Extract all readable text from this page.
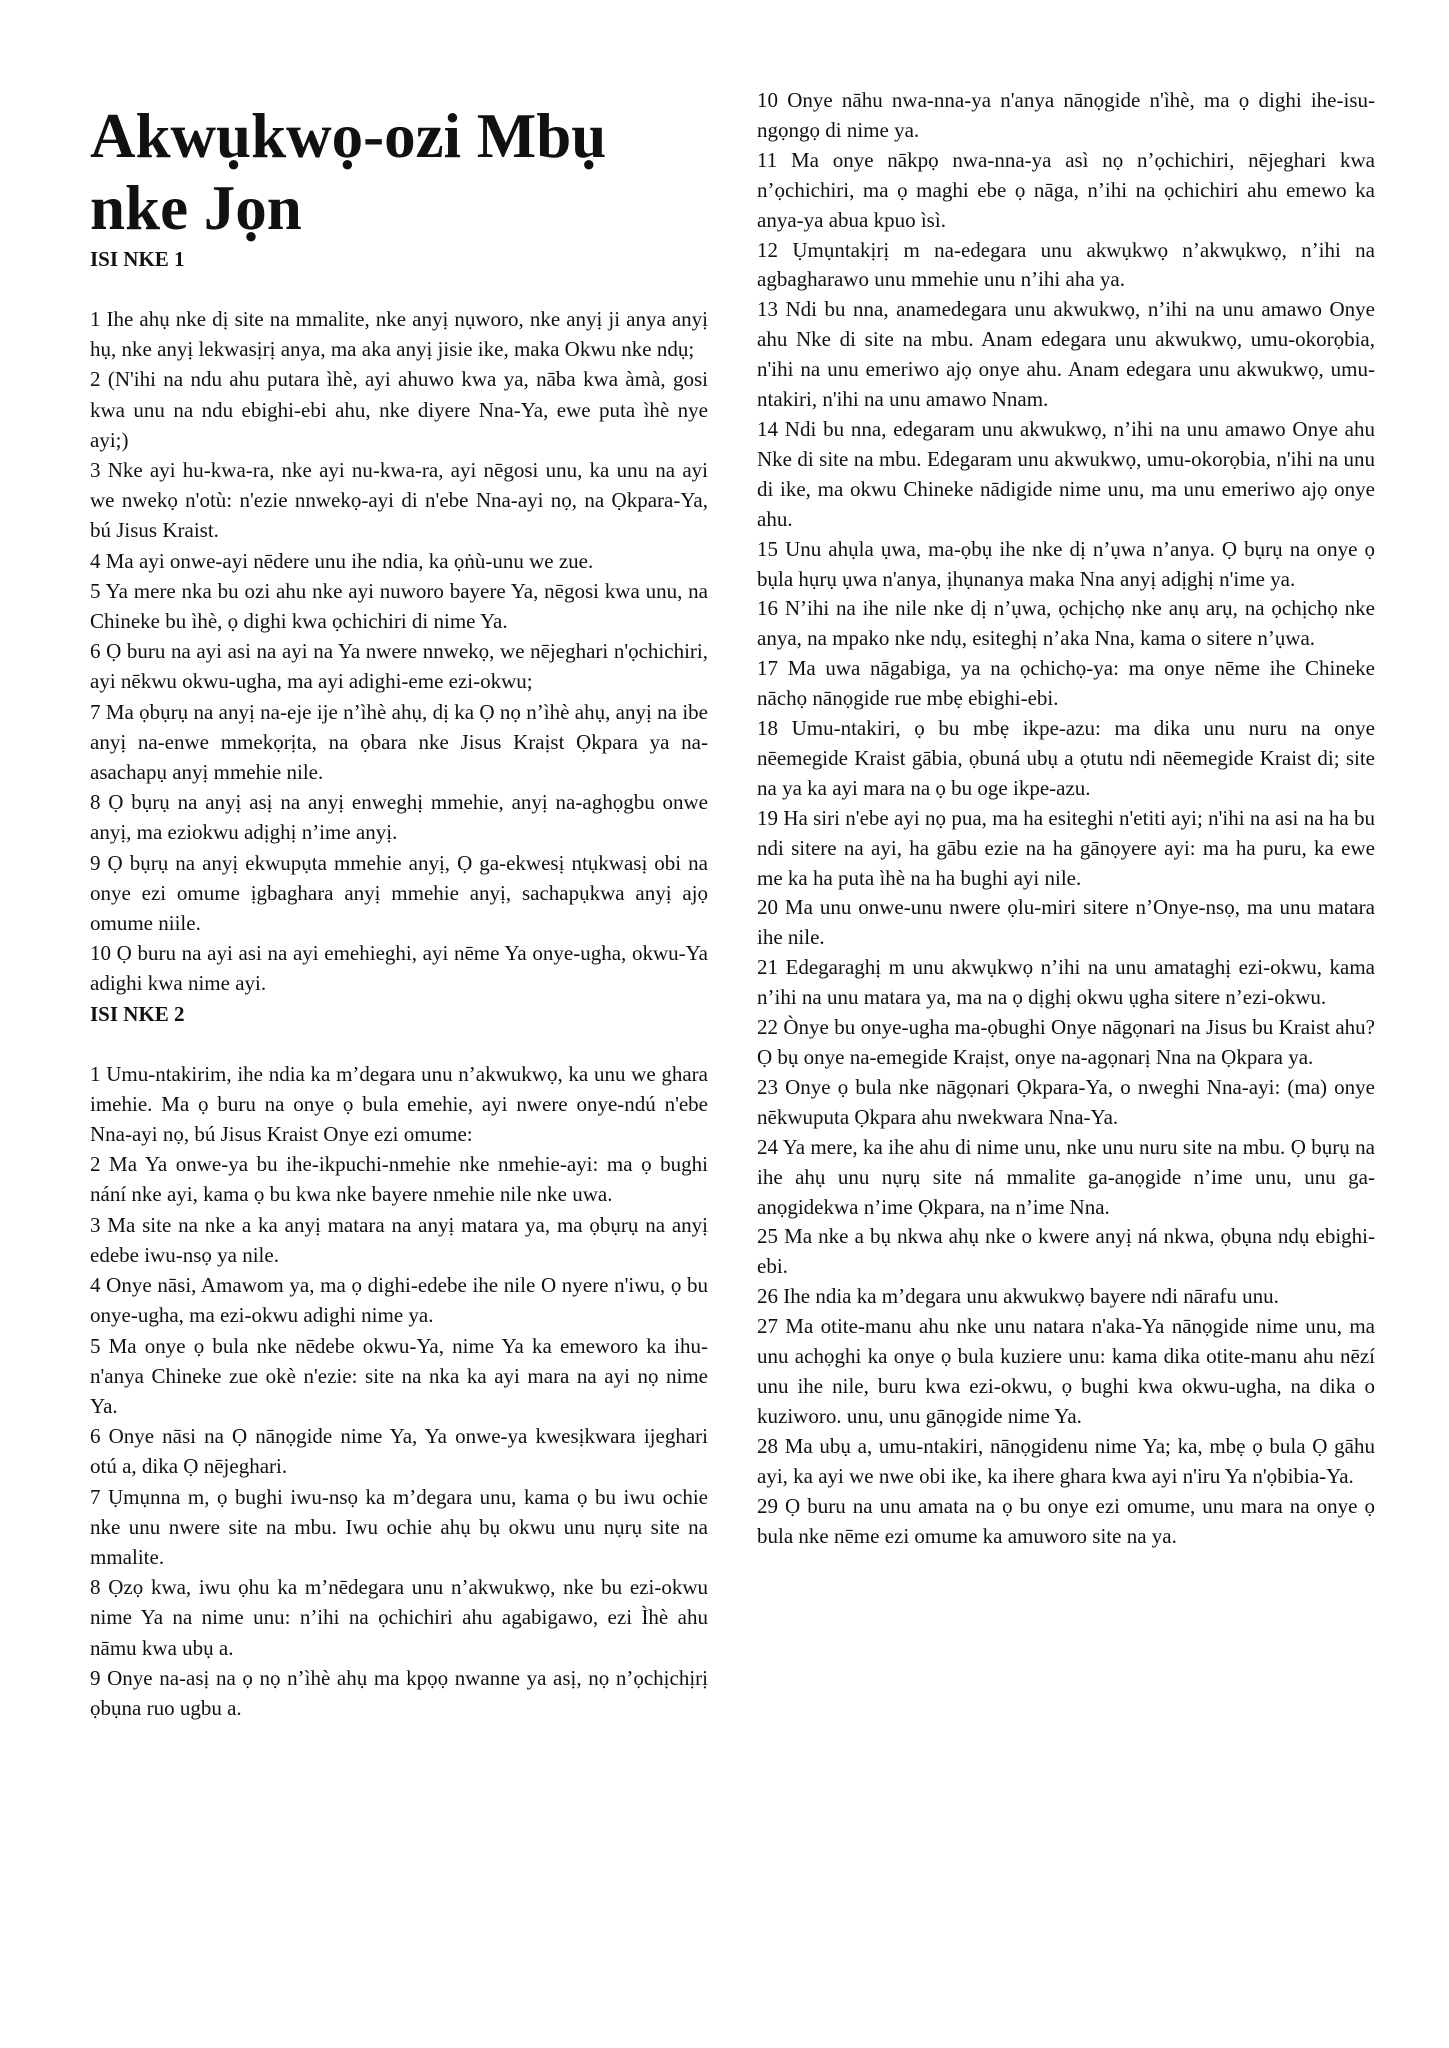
Akwụkwọ-ozi Mbụ nke Jọn
ISI NKE 1

1 Ihe ahụ nke dị site na mmalite, nke anyị nụworo, nke anyị ji anya anyị hụ, nke anyị lekwasịrị anya, ma aka anyị jisie ike, maka Okwu nke ndụ;

2 (N'ihi na ndu ahu putara ìhè, ayi ahuwo kwa ya, nāba kwa àmà, gosi kwa unu na ndu ebighi-ebi ahu, nke diyere Nna-Ya, ewe puta ìhè nye ayi;)

3 Nke ayi hu-kwa-ra, nke ayi nu-kwa-ra, ayi nēgosi unu, ka unu na ayi we nwekọ n'otù: n'ezie nnwekọ-ayi di n'ebe Nna-ayi nọ, na Ọkpara-Ya, bú Jisus Kraist.

4 Ma ayi onwe-ayi nēdere unu ihe ndia, ka ọṅù-unu we zue.

5 Ya mere nka bu ozi ahu nke ayi nuworo bayere Ya, nēgosi kwa unu, na Chineke bu ìhè, ọ dighi kwa ọchichiri di nime Ya.

6 Ọ buru na ayi asi na ayi na Ya nwere nnwekọ, we nējeghari n'ọchichiri, ayi nēkwu okwu-ugha, ma ayi adighi-eme ezi-okwu;

7 Ma ọbụrụ na anyị na-eje ije n’ìhè ahụ, dị ka Ọ nọ n’ìhè ahụ, anyị na ibe anyị na-enwe mmekọrịta, na ọbara nke Jisus Kraịst Ọkpara ya na-asachapụ anyị mmehie nile.

8 Ọ bụrụ na anyị asị na anyị enweghị mmehie, anyị na-aghọgbu onwe anyị, ma eziokwu adịghị n’ime anyị.

9 Ọ bụrụ na anyị ekwupụta mmehie anyị, Ọ ga-ekwesị ntụkwasị obi na onye ezi omume ịgbaghara anyị mmehie anyị, sachapụkwa anyị ajọ omume niile.

10 Ọ buru na ayi asi na ayi emehieghi, ayi nēme Ya onye-ugha, okwu-Ya adighi kwa nime ayi.

ISI NKE 2

1 Umu-ntakirim, ihe ndia ka m’degara unu n’akwukwọ, ka unu we ghara imehie. Ma ọ buru na onye ọ bula emehie, ayi nwere onye-ndú n'ebe Nna-ayi nọ, bú Jisus Kraist Onye ezi omume:

2 Ma Ya onwe-ya bu ihe-ikpuchi-nmehie nke nmehie-ayi: ma ọ bughi nání nke ayi, kama ọ bu kwa nke bayere nmehie nile nke uwa.

3 Ma site na nke a ka anyị matara na anyị matara ya, ma ọbụrụ na anyị edebe iwu-nsọ ya nile.

4 Onye nāsi, Amawom ya, ma ọ dighi-edebe ihe nile O nyere n'iwu, ọ bu onye-ugha, ma ezi-okwu adighi nime ya.

5 Ma onye ọ bula nke nēdebe okwu-Ya, nime Ya ka emeworo ka ihu-n'anya Chineke zue okè n'ezie: site na nka ka ayi mara na ayi nọ nime Ya.

6 Onye nāsi na Ọ nānọgide nime Ya, Ya onwe-ya kwesịkwara ijeghari otú a, dika Ọ nējeghari.

7 Ụmụnna m, ọ bughi iwu-nsọ ka m’degara unu, kama ọ bu iwu ochie nke unu nwere site na mbu. Iwu ochie ahụ bụ okwu unu nụrụ site na mmalite.

8 Ọzọ kwa, iwu ọhu ka m’nēdegara unu n’akwukwọ, nke bu ezi-okwu nime Ya na nime unu: n’ihi na ọchichiri ahu agabigawo, ezi Ìhè ahu nāmu kwa ubụ a.

9 Onye na-asị na ọ nọ n’ìhè ahụ ma kpọọ nwanne ya asị, nọ n’ọchịchịrị ọbụna ruo ugbu a.

10 Onye nāhu nwa-nna-ya n'anya nānọgide n'ìhè, ma ọ dighi ihe-isu-ngọngọ di nime ya.

11 Ma onye nākpọ nwa-nna-ya asì nọ n’ọchichiri, nējeghari kwa n’ọchichiri, ma ọ maghi ebe ọ nāga, n’ihi na ọchichiri ahu emewo ka anya-ya abua kpuo ìsì.

12 Ụmụntakịrị m na-edegara unu akwụkwọ n’akwụkwọ, n’ihi na agbagharawo unu mmehie unu n’ihi aha ya.

13 Ndi bu nna, anamedegara unu akwukwọ, n’ihi na unu amawo Onye ahu Nke di site na mbu. Anam edegara unu akwukwọ, umu-okorọbia, n'ihi na unu emeriwo ajọ onye ahu. Anam edegara unu akwukwọ, umu-ntakiri, n'ihi na unu amawo Nnam.

14 Ndi bu nna, edegaram unu akwukwọ, n’ihi na unu amawo Onye ahu Nke di site na mbu. Edegaram unu akwukwọ, umu-okorọbia, n'ihi na unu di ike, ma okwu Chineke nādigide nime unu, ma unu emeriwo ajọ onye ahu.

15 Unu ahụla ụwa, ma-ọbụ ihe nke dị n’ụwa n’anya. Ọ bụrụ na onye ọ bụla hụrụ ụwa n'anya, ịhụnanya maka Nna anyị adịghị n'ime ya.

16 N’ihi na ihe nile nke dị n’ụwa, ọchịchọ nke anụ arụ, na ọchịchọ nke anya, na mpako nke ndụ, esiteghị n’aka Nna, kama o sitere n’ụwa.

17 Ma uwa nāgabiga, ya na ọchichọ-ya: ma onye nēme ihe Chineke nāchọ nānọgide rue mbẹ ebighi-ebi.

18 Umu-ntakiri, ọ bu mbẹ ikpe-azu: ma dika unu nuru na onye nēemegide Kraist gābia, ọbuná ubụ a ọtutu ndi nēemegide Kraist di; site na ya ka ayi mara na ọ bu oge ikpe-azu.

19 Ha siri n'ebe ayi nọ pua, ma ha esiteghi n'etiti ayi; n'ihi na asi na ha bu ndi sitere na ayi, ha gābu ezie na ha gānọyere ayi: ma ha puru, ka ewe me ka ha puta ìhè na ha bughi ayi nile.

20 Ma unu onwe-unu nwere ọlu-miri sitere n’Onye-nsọ, ma unu matara ihe nile.

21 Edegaraghị m unu akwụkwọ n’ihi na unu amataghị ezi-okwu, kama n’ihi na unu matara ya, ma na ọ dịghị okwu ụgha sitere n’ezi-okwu.

22 Ònye bu onye-ugha ma-ọbughi Onye nāgọnari na Jisus bu Kraist ahu? Ọ bụ onye na-emegide Kraịst, onye na-agọnarị Nna na Ọkpara ya.

23 Onye ọ bula nke nāgọnari Ọkpara-Ya, o nweghi Nna-ayi: (ma) onye nēkwuputa Ọkpara ahu nwekwara Nna-Ya.

24 Ya mere, ka ihe ahu di nime unu, nke unu nuru site na mbu. Ọ bụrụ na ihe ahụ unu nụrụ site ná mmalite ga-anọgide n’ime unu, unu ga-anọgidekwa n’ime Ọkpara, na n’ime Nna.

25 Ma nke a bụ nkwa ahụ nke o kwere anyị ná nkwa, ọbụna ndụ ebighi-ebi.

26 Ihe ndia ka m’degara unu akwukwọ bayere ndi nārafu unu.

27 Ma otite-manu ahu nke unu natara n'aka-Ya nānọgide nime unu, ma unu achọghi ka onye ọ bula kuziere unu: kama dika otite-manu ahu nēzí unu ihe nile, buru kwa ezi-okwu, ọ bughi kwa okwu-ugha, na dika o kuziworo. unu, unu gānọgide nime Ya.

28 Ma ubụ a, umu-ntakiri, nānọgidenu nime Ya; ka, mbẹ ọ bula Ọ gāhu ayi, ka ayi we nwe obi ike, ka ihere ghara kwa ayi n'iru Ya n'ọbibia-Ya.

29 Ọ buru na unu amata na ọ bu onye ezi omume, unu mara na onye ọ bula nke nēme ezi omume ka amuworo site na ya.
